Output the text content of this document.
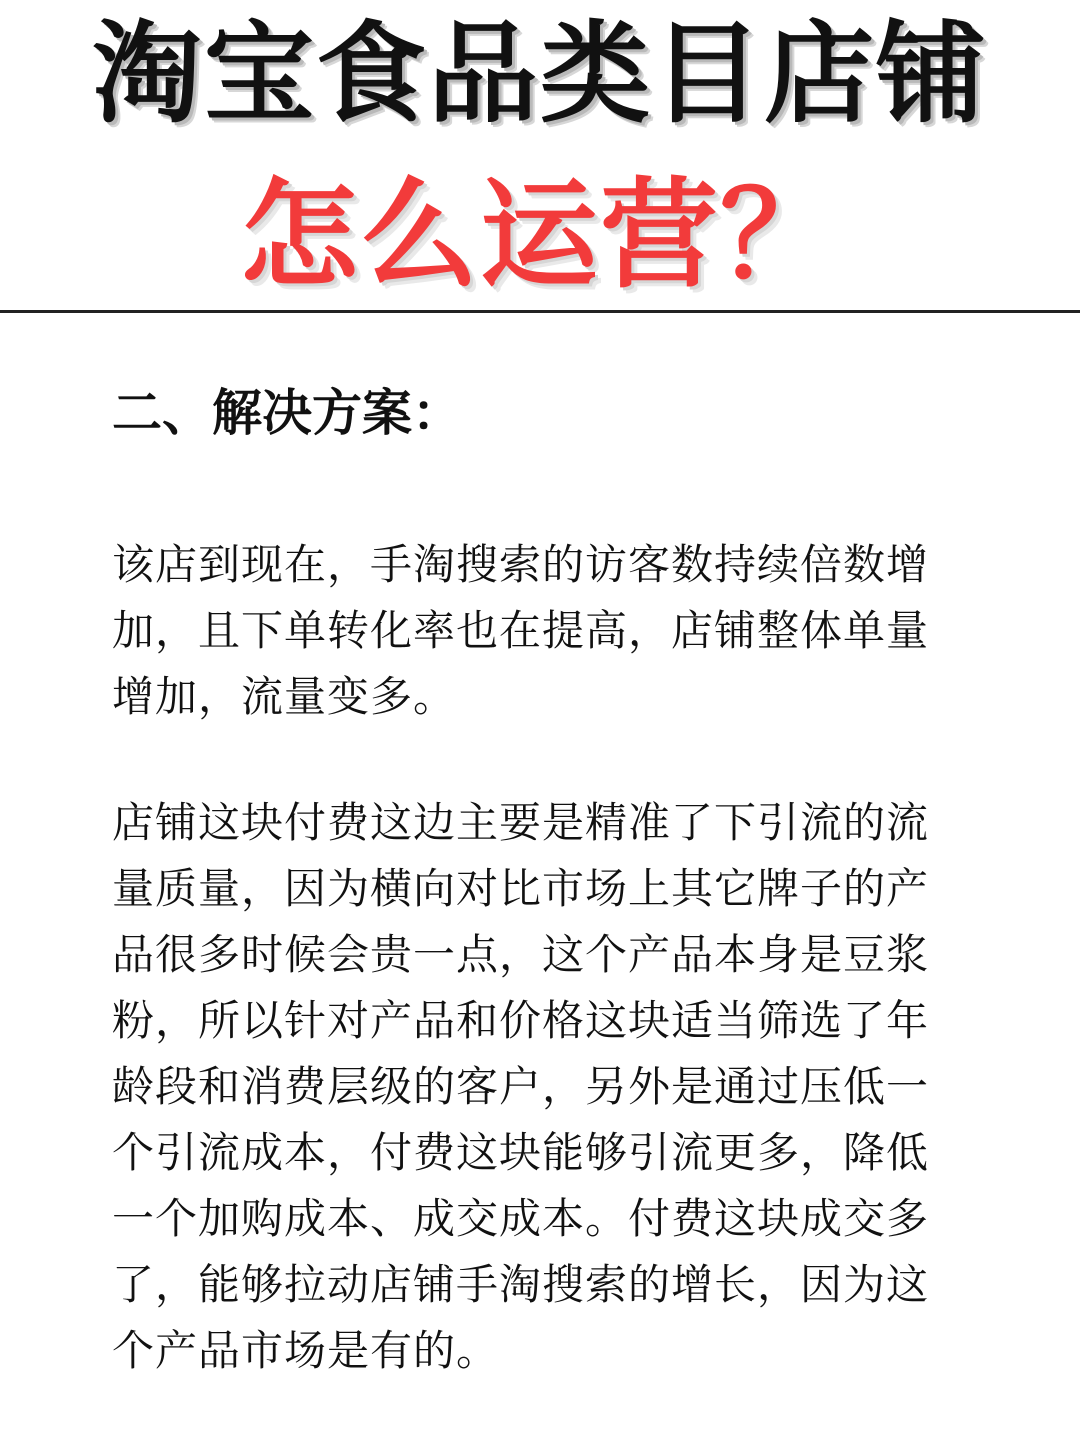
淘宝食品类目店铺
怎么运营？
二、解决方案：

该店到现在，手淘搜索的访客数持续倍数增加，且下单转化率也在提高，店铺整体单量增加，流量变多。

店铺这块付费这边主要是精准了下引流的流量质量，因为横向对比市场上其它牌子的产品很多时候会贵一点，这个产品本身是豆浆粉，所以针对产品和价格这块适当筛选了年龄段和消费层级的客户，另外是通过压低一个引流成本，付费这块能够引流更多，降低一个加购成本、成交成本。付费这块成交多了，能够拉动店铺手淘搜索的增长，因为这个产品市场是有的。
